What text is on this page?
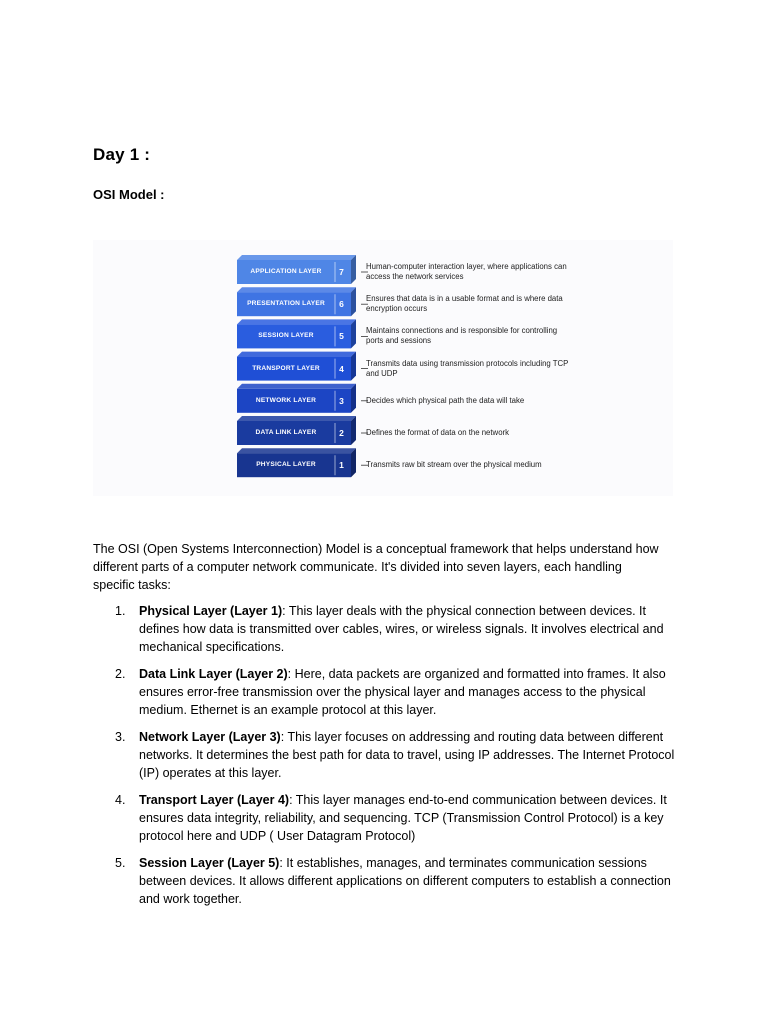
Day 1 :
OSI Model :
APPLICATION LAYER	7
Human-computer interaction layer, where applications can access the network services
PRESENTATION LAYER	6
Ensures that data is in a usable format and is where data encryption occurs
SESSION LAYER	5
Maintains connections and is responsible for controlling ports and sessions
TRANSPORT LAYER	4
Transmits data using transmission protocols including TCP and UDP
NETWORK LAYER	3	Decides which physical path the data will take
DATA LINK LAYER	2	Defines the format of data on the network
PHYSICAL LAYER	1	Transmits raw bit stream over the physical medium
The OSI (Open Systems Interconnection) Model is a conceptual framework that helps understand how different parts of a computer network communicate. It's divided into seven layers, each handling specific tasks:
1. Physical Layer (Layer 1): This layer deals with the physical connection between devices. It defines how data is transmitted over cables, wires, or wireless signals. It involves electrical and mechanical specifications.
2. Data Link Layer (Layer 2): Here, data packets are organized and formatted into frames. It also ensures error-free transmission over the physical layer and manages access to the physical medium. Ethernet is an example protocol at this layer.
3. Network Layer (Layer 3): This layer focuses on addressing and routing data between different networks. It determines the best path for data to travel, using IP addresses. The Internet Protocol (IP) operates at this layer.
4. Transport Layer (Layer 4): This layer manages end-to-end communication between devices. It ensures data integrity, reliability, and sequencing. TCP (Transmission Control Protocol) is a key protocol here and UDP ( User Datagram Protocol)
5. Session Layer (Layer 5): It establishes, manages, and terminates communication sessions between devices. It allows different applications on different computers to establish a connection and work together.
